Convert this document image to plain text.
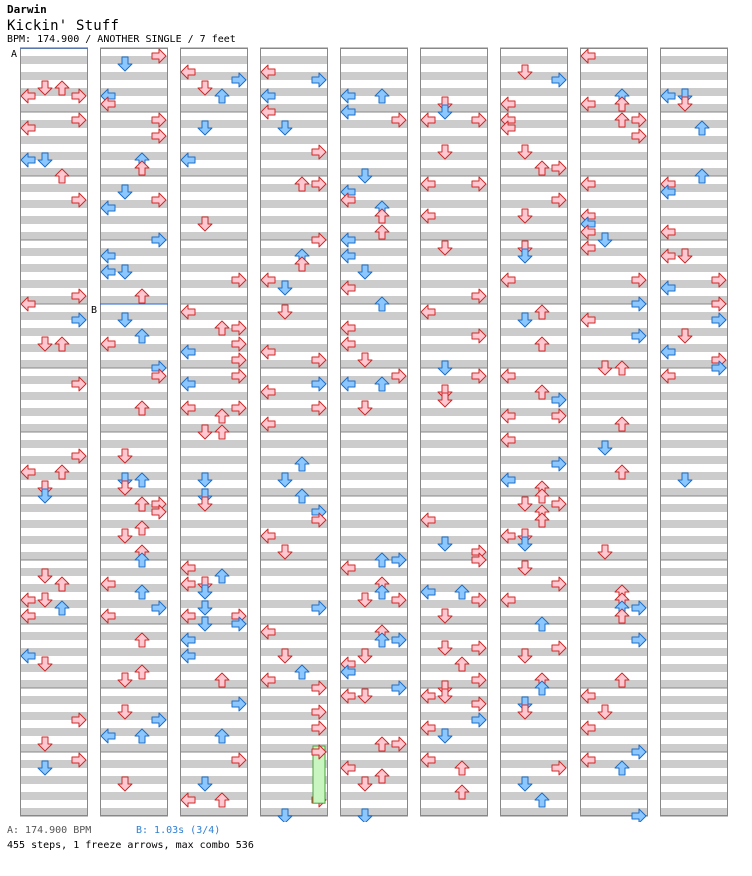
Darwin
Kickin' Stuff
BPM: 174.900 / ANOTHER SINGLE / 7 feet
A
B
A: 174.900 BPM	B: 1.03s (3/4)
455 steps, 1 freeze arrows, max combo 536
